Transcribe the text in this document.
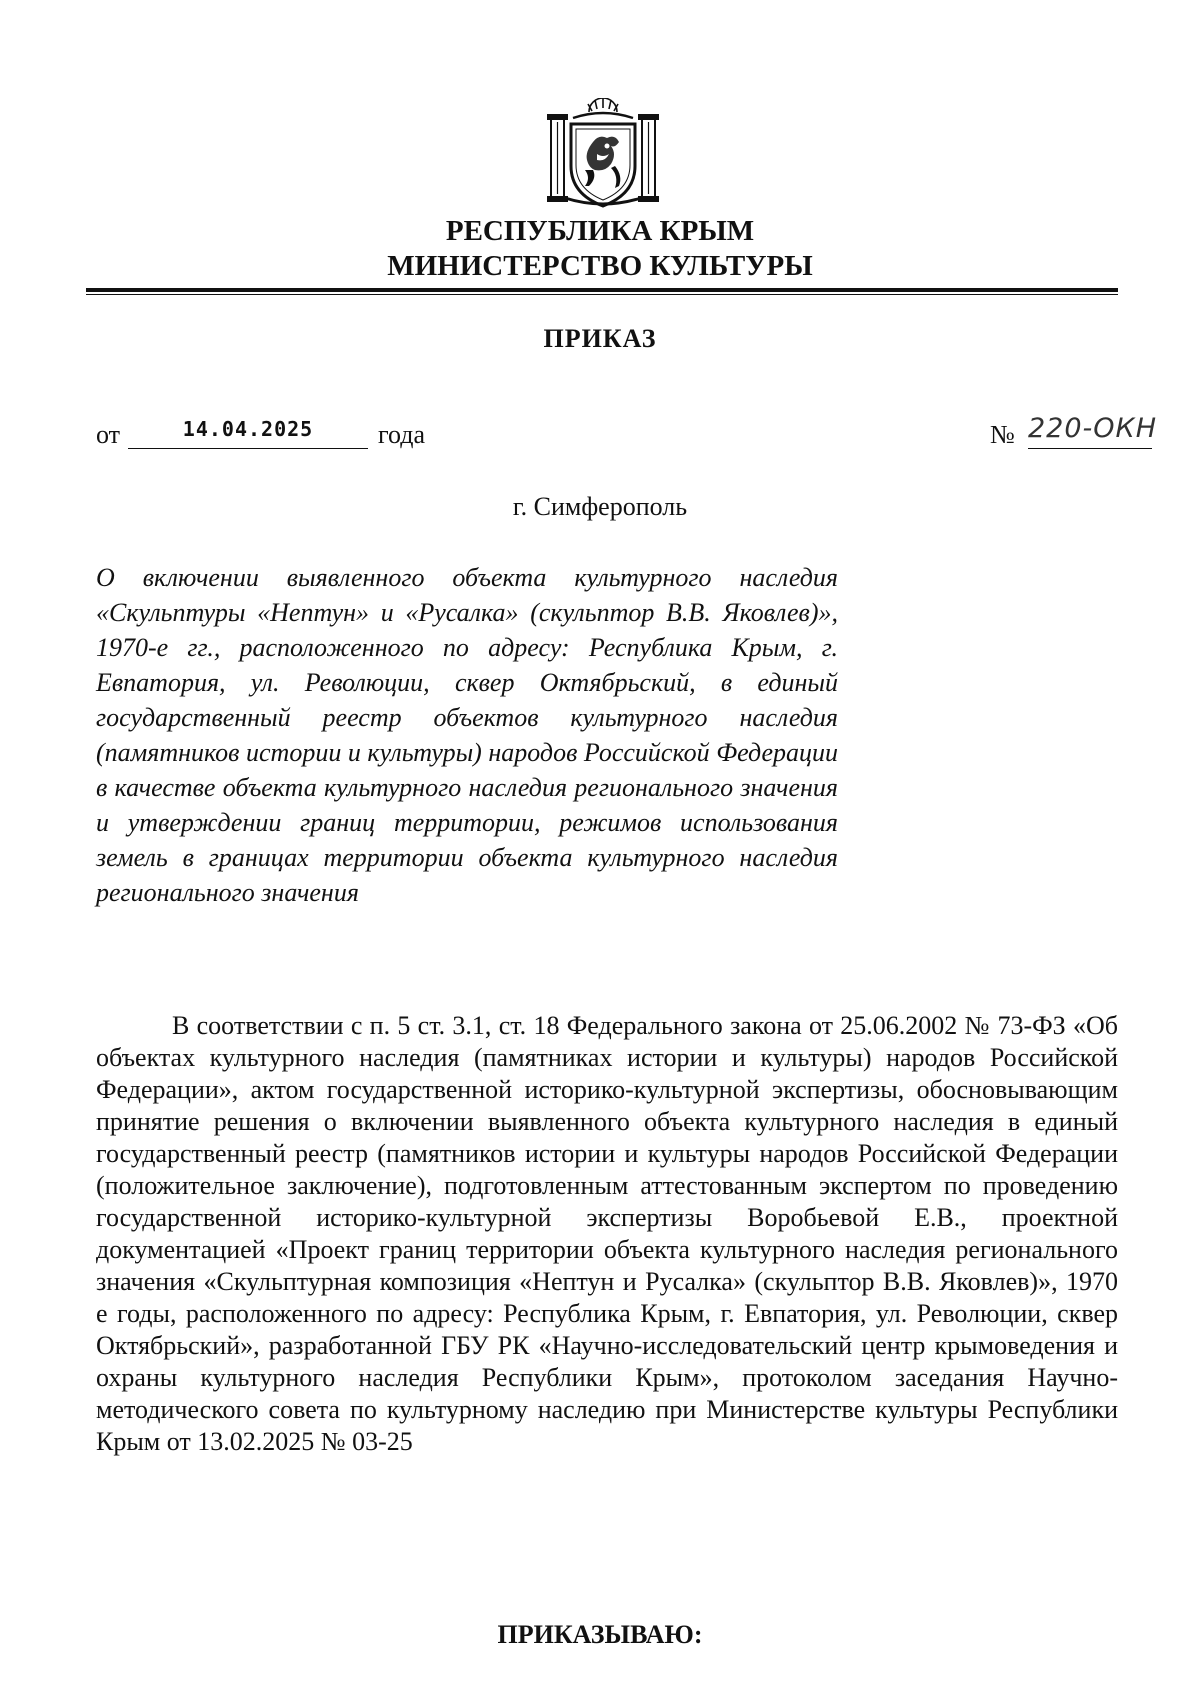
РЕСПУБЛИКА КРЫМ
МИНИСТЕРСТВО КУЛЬТУРЫ
ПРИКАЗ
от	$^{14.04.2025}$	года	№ 220-ОКН
г. Симферополь

О включении выявленного объекта культурного наследия «Скульптуры «Нептун» и «Русалка» (скульптор В.В. Яковлев)», 1970-е гг., расположенного по адресу: Республика Крым, г. Евпатория, ул. Революции, сквер Октябрьский, в единый государственный реестр объектов культурного наследия (памятников истории и культуры) народов Российской Федерации в качестве объекта культурного наследия регионального значения и утверждении границ территории, режимов использования земель в границах территории объекта культурного наследия регионального значения

В соответствии с п. 5 ст. 3.1, ст. 18 Федерального закона от 25.06.2002 № 73-ФЗ «Об объектах культурного наследия (памятниках истории и культуры) народов Российской Федерации», актом государственной историко-культурной экспертизы, обосновывающим принятие решения о включении выявленного объекта культурного наследия в единый государственный реестр (памятников истории и культуры народов Российской Федерации (положительное заключение), подготовленным аттестованным экспертом по проведению государственной историко-культурной экспертизы Воробьевой Е.В., проектной документацией «Проект границ территории объекта культурного наследия регионального значения «Скульптурная композиция «Нептун и Русалка» (скульптор В.В. Яковлев)», 1970 е годы, расположенного по адресу: Республика Крым, г. Евпатория, ул. Революции, сквер Октябрьский», разработанной ГБУ РК «Научно-исследовательский центр крымоведения и охраны культурного наследия Республики Крым», протоколом заседания Научно-методического совета по культурному наследию при Министерстве культуры Республики Крым от 13.02.2025 № 03-25

ПРИКАЗЫВАЮ:
